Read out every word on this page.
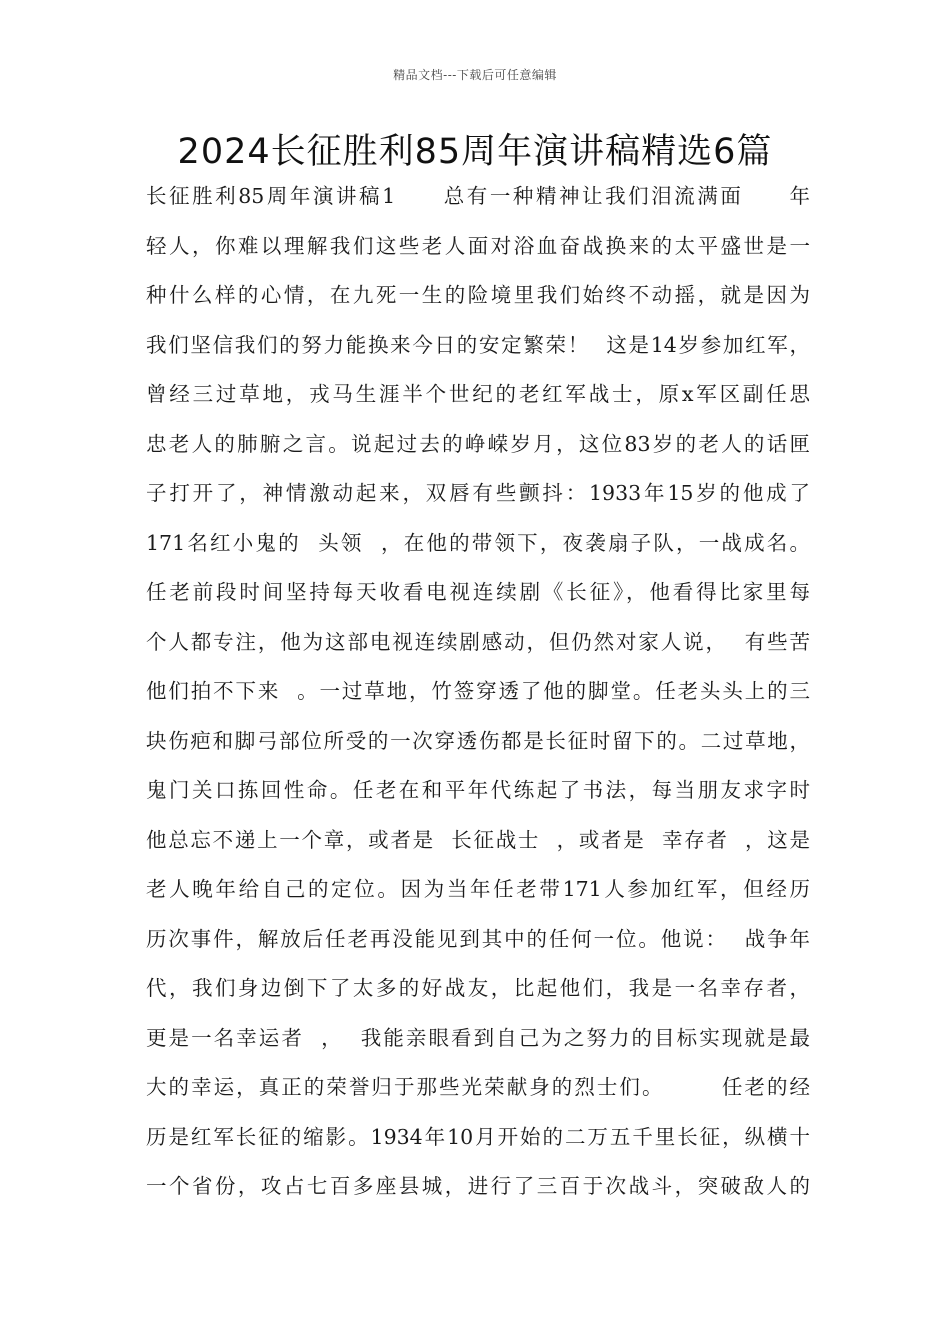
精品文档---下载后可任意编辑
2024长征胜利85周年演讲稿精选6篇
长征胜利85周年演讲稿1　　总有一种精神让我们泪流满面　　年
轻人，你难以理解我们这些老人面对浴血奋战换来的太平盛世是一
种什么样的心情，在九死一生的险境里我们始终不动摇，就是因为
我们坚信我们的努力能换来今日的安定繁荣！  这是14岁参加红军，
曾经三过草地，戎马生涯半个世纪的老红军战士，原x军区副任思
忠老人的肺腑之言。说起过去的峥嵘岁月，这位83岁的老人的话匣
子打开了，神情激动起来，双唇有些颤抖：1933年15岁的他成了
171名红小鬼的  头领  ，在他的带领下，夜袭扇子队，一战成名。
任老前段时间坚持每天收看电视连续剧《长征》，他看得比家里每
个人都专注，他为这部电视连续剧感动，但仍然对家人说，  有些苦
他们拍不下来  。一过草地，竹签穿透了他的脚堂。任老头头上的三
块伤疤和脚弓部位所受的一次穿透伤都是长征时留下的。二过草地，
鬼门关口拣回性命。任老在和平年代练起了书法，每当朋友求字时
他总忘不递上一个章，或者是  长征战士  ，或者是  幸存者  ，这是
老人晚年给自己的定位。因为当年任老带171人参加红军，但经历
历次事件，解放后任老再没能见到其中的任何一位。他说：  战争年
代，我们身边倒下了太多的好战友，比起他们，我是一名幸存者，
更是一名幸运者  ，  我能亲眼看到自己为之努力的目标实现就是最
大的幸运，真正的荣誉归于那些光荣献身的烈士们。　　　任老的经
历是红军长征的缩影。1934年10月开始的二万五千里长征，纵横十
一个省份，攻占七百多座县城，进行了三百于次战斗，突破敌人的
